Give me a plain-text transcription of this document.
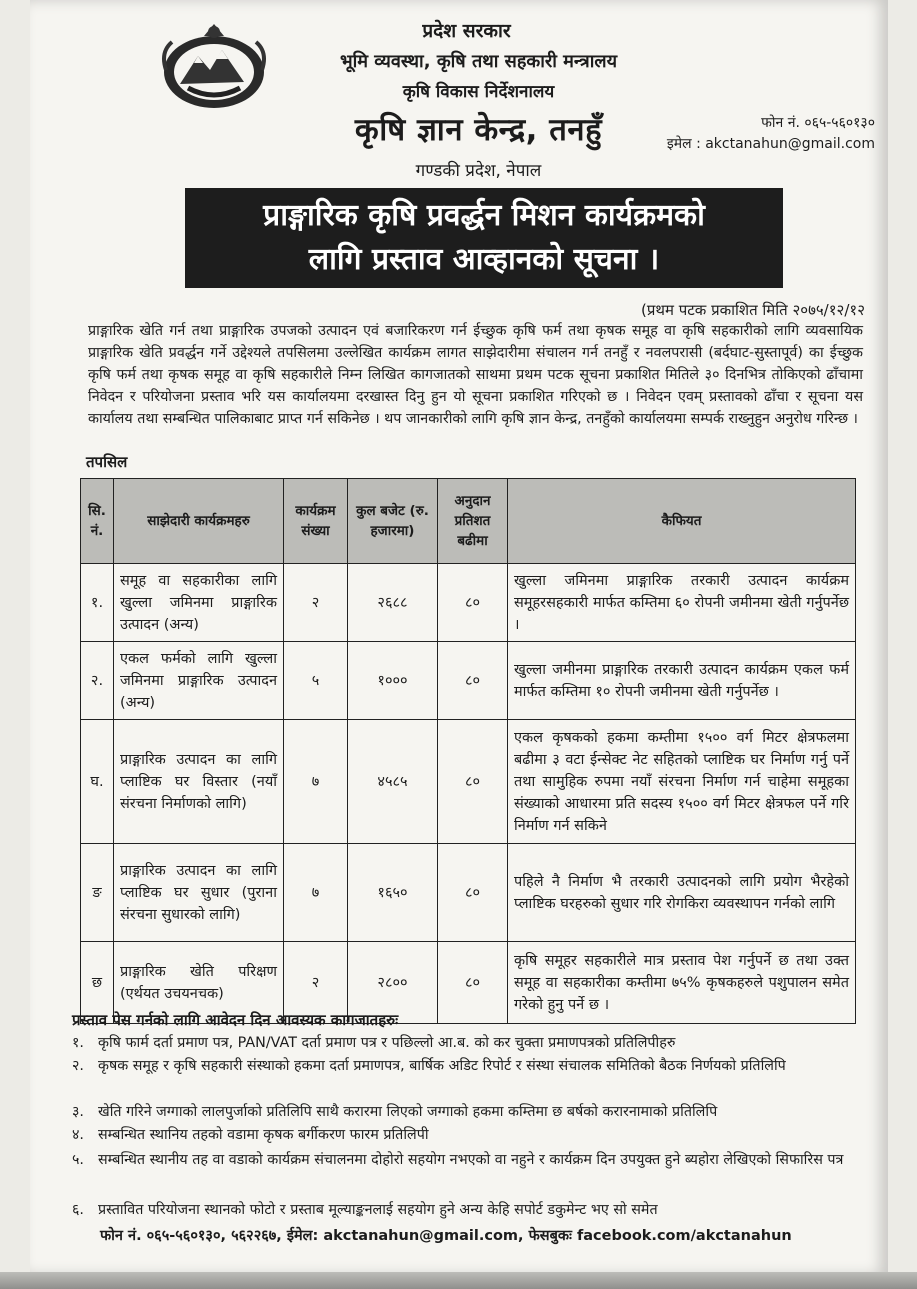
प्रदेश सरकार
भूमि व्यवस्था, कृषि तथा सहकारी मन्त्रालय
कृषि विकास निर्देशनालय
कृषि ज्ञान केन्द्र, तनहुँ
गण्डकी प्रदेश, नेपाल
फोन नं. ०६५-५६०१३०
इमेल : akctanahun@gmail.com
प्राङ्गारिक कृषि प्रवर्द्धन मिशन कार्यक्रमको
लागि प्रस्ताव आव्हानको सूचना ।
(प्रथम पटक प्रकाशित मिति २०७५/१२/१२
प्राङ्गारिक खेति गर्न तथा प्राङ्गारिक उपजको उत्पादन एवं बजारिकरण गर्न ईच्छुक कृषि फर्म तथा कृषक समूह वा कृषि सहकारीको लागि व्यवसायिक प्राङ्गारिक खेति प्रवर्द्धन गर्ने उद्देश्यले तपसिलमा उल्लेखित कार्यक्रम लागत साझेदारीमा संचालन गर्न तनहुँ र नवलपरासी (बर्दघाट-सुस्तापूर्व) का ईच्छुक कृषि फर्म तथा कृषक समूह वा कृषि सहकारीले निम्न लिखित कागजातको साथमा प्रथम पटक सूचना प्रकाशित मितिले ३० दिनभित्र तोकिएको ढाँचामा निवेदन र परियोजना प्रस्ताव भरि यस कार्यालयमा दरखास्त दिनु हुन यो सूचना प्रकाशित गरिएको छ । निवेदन एवम् प्रस्तावको ढाँचा र सूचना यस कार्यालय तथा सम्बन्धित पालिकाबाट प्राप्त गर्न सकिनेछ । थप जानकारीको लागि कृषि ज्ञान केन्द्र, तनहुँको कार्यालयमा सम्पर्क राख्नुहुन अनुरोध गरिन्छ ।
तपसिल
सि. नं.	साझेदारी कार्यक्रमहरु	कार्यक्रम संख्या	कुल बजेट (रु. हजारमा)	अनुदान प्रतिशत बढीमा	कैफियत
१.	समूह वा सहकारीका लागि खुल्ला जमिनमा प्राङ्गारिक उत्पादन (अन्य)	२	२६८८	८०	खुल्ला जमिनमा प्राङ्गारिक तरकारी उत्पादन कार्यक्रम समूहरसहकारी मार्फत कम्तिमा ६० रोपनी जमीनमा खेती गर्नुपर्नेछ ।
२.	एकल फर्मको लागि खुल्ला जमिनमा प्राङ्गारिक उत्पादन (अन्य)	५	१०००	८०	खुल्ला जमीनमा प्राङ्गारिक तरकारी उत्पादन कार्यक्रम एकल फर्म मार्फत कम्तिमा १० रोपनी जमीनमा खेती गर्नुपर्नेछ ।
घ.	प्राङ्गारिक उत्पादन का लागि प्लाष्टिक घर विस्तार (नयाँ संरचना निर्माणको लागि)	७	४५८५	८०	एकल कृषकको हकमा कम्तीमा १५०० वर्ग मिटर क्षेत्रफलमा बढीमा ३ वटा ईन्सेक्ट नेट सहितको प्लाष्टिक घर निर्माण गर्नु पर्ने तथा सामुहिक रुपमा नयाँ संरचना निर्माण गर्न चाहेमा समूहका संख्याको आधारमा प्रति सदस्य १५०० वर्ग मिटर क्षेत्रफल पर्ने गरि निर्माण गर्न सकिने
ङ	प्राङ्गारिक उत्पादन का लागि प्लाष्टिक घर सुधार (पुराना संरचना सुधारको लागि)	७	१६५०	८०	पहिले नै निर्माण भै तरकारी उत्पादनको लागि प्रयोग भैरहेको प्लाष्टिक घरहरुको सुधार गरि रोगकिरा व्यवस्थापन गर्नको लागि
छ	प्राङ्गारिक खेति परिक्षण (एर्थयत उचयनचक)	२	२८००	८०	कृषि समूहर सहकारीले मात्र प्रस्ताव पेश गर्नुपर्ने छ तथा उक्त समूह वा सहकारीका कम्तीमा ७५% कृषकहरुले पशुपालन समेत गरेको हुनु पर्ने छ ।
प्रस्ताव पेस गर्नको लागि आवेदन दिन आवस्यक कागजातहरुः
१. कृषि फार्म दर्ता प्रमाण पत्र, PAN/VAT दर्ता प्रमाण पत्र र पछिल्लो आ.ब. को कर चुक्ता प्रमाणपत्रको प्रतिलिपीहरु
२. कृषक समूह र कृषि सहकारी संस्थाको हकमा दर्ता प्रमाणपत्र, बार्षिक अडिट रिपोर्ट र संस्था संचालक समितिको बैठक निर्णयको प्रतिलिपि
३. खेति गरिने जग्गाको लालपुर्जाको प्रतिलिपि साथै करारमा लिएको जग्गाको हकमा कम्तिमा छ बर्षको करारनामाको प्रतिलिपि
४. सम्बन्धित स्थानिय तहको वडामा कृषक बर्गीकरण फारम प्रतिलिपी
५. सम्बन्धित स्थानीय तह वा वडाको कार्यक्रम संचालनमा दोहोरो सहयोग नभएको वा नहुने र कार्यक्रम दिन उपयुक्त हुने ब्यहोरा लेखिएको सिफारिस पत्र
६. प्रस्तावित परियोजना स्थानको फोटो र प्रस्ताब मूल्याङ्कनलाई सहयोग हुने अन्य केहि सपोर्ट डकुमेन्ट भए सो समेत
फोन नं. ०६५-५६०१३०, ५६२२६७, ईमेल: akctanahun@gmail.com, फेसबुकः facebook.com/akctanahun
